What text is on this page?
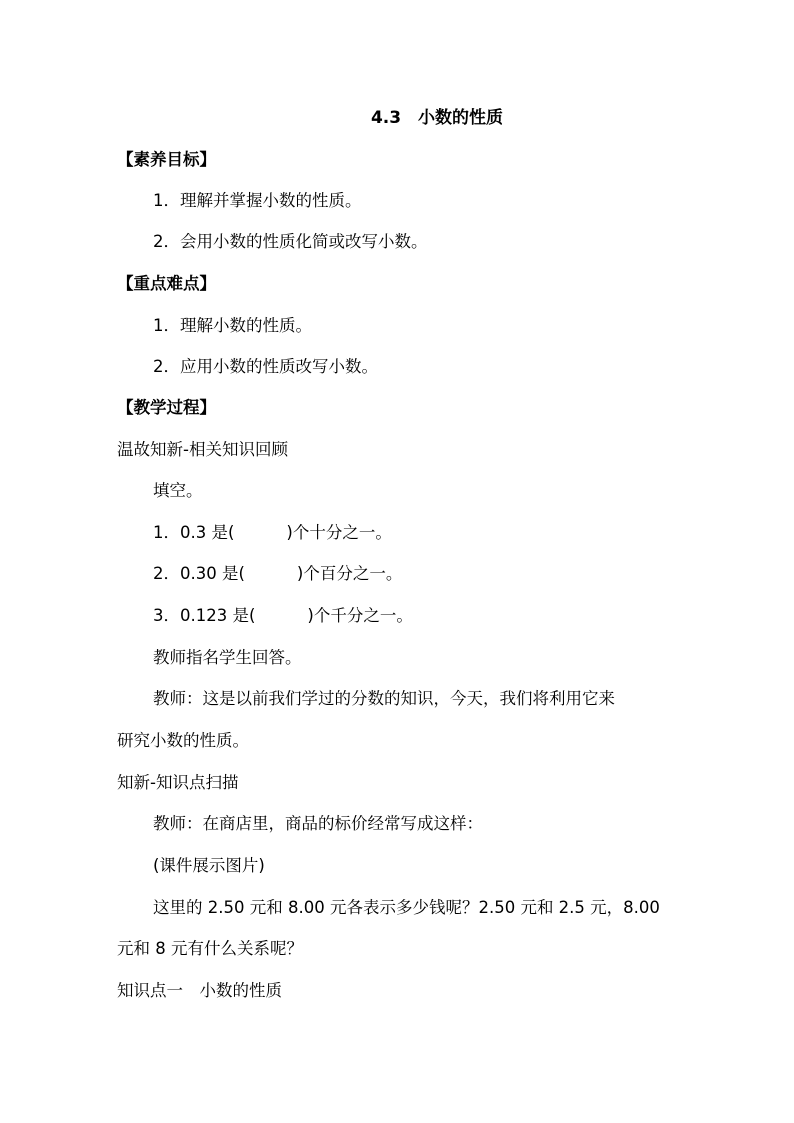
4.3　小数的性质
【素养目标】
1．理解并掌握小数的性质。
2．会用小数的性质化简或改写小数。
【重点难点】
1．理解小数的性质。
2．应用小数的性质改写小数。
【教学过程】
温故知新-相关知识回顾
填空。
1．0.3 是(	)个十分之一。
2．0.30 是(	)个百分之一。
3．0.123 是(	)个千分之一。
教师指名学生回答。
教师：这是以前我们学过的分数的知识，今天，我们将利用它来
研究小数的性质。
知新-知识点扫描
教师：在商店里，商品的标价经常写成这样：
(课件展示图片)
这里的 2.50 元和 8.00 元各表示多少钱呢？2.50 元和 2.5 元，8.00
元和 8 元有什么关系呢？
知识点一　小数的性质
